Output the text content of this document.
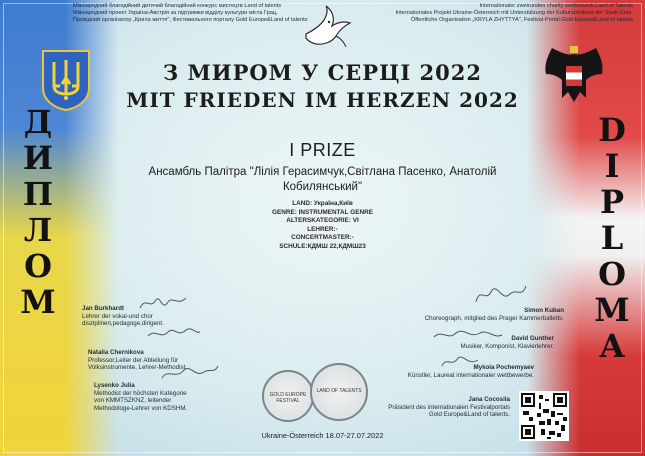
Міжнародний благодійний дитячий благодійний конкурс мистецтв Land of talents
Міжнародний проект Україна-Австрія за підтримки відділу культури міста Грац,
Провідний організатор „Крила життя", Фестивального порталу Gold Europe&Land of talents
Internationaler zweirunden charity wettbewerb Land of Talents
Internationales Projekt Ukraine-Österreich mit Unterstützung der Kulturabteilung der Stadt Graz,
Öffentliche Organisation „KRYLA ZHYTTYA", Festival-Portal Gold Europe&Land of talents
З МИРОМ У СЕРЦІ 2022
MIT FRIEDEN IM HERZEN 2022
Д
И
П
Л
О
М
D
I
P
L
O
M
A
I PRIZE
Ансамбль Палітра "Лілія Герасимчук,Світлана Пасенко, Анатолій Кобилянський"
LAND: Україна,Київ
GENRE: INSTRUMENTAL GENRE
ALTERSKATEGORIE: VI
LEHRER:-
CONCERTMASTER:-
SCHULE:КДМШ 22,КДМШ23
Jan Burkhardt
Lehrer der vokal-und chor
disziplinen,pedagoge,dirigent.
Natalia Chernikova
Professor,Leiter der Abteilung für
Volksinstrumente, Lehrer-Methodist.
Lysenko Julia
Methodist der höchsten Kategorie
von KMMTSZKNZ, leitender
Methodologe-Lehrer von KDSHM.
Simon Kuban
Choreograph, mitglied des Prager Kammerballetts.
David Gunther
Musiker, Komponist, Klavierlehrer.
Mykola Pochemyaev
Künstler, Laureat internationaler wettbewerbe.
Jana Cocosila
Präsident des internationalen Festivalportals
Gold Europe&Land of talents.
GOLD EUROPE FESTIVAL
LAND OF TALENTS
Ukraine-Österreich 18.07-27.07.2022
